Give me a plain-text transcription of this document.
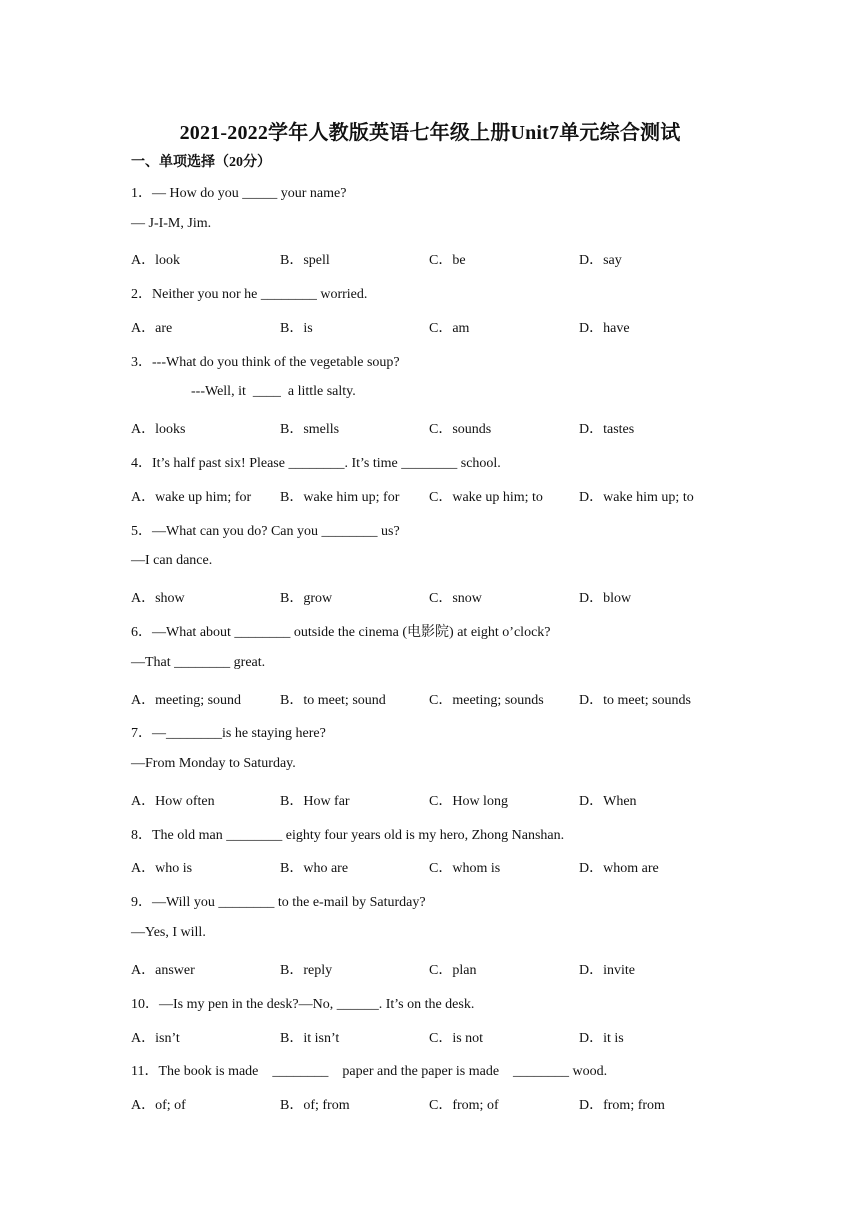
2021-2022学年人教版英语七年级上册Unit7单元综合测试
一、单项选择（20分）
1．— How do you _____ your name?
— J-I-M, Jim.

A．look

	B．spell

	C．be

	D．say

2．Neither you nor he ________ worried.

A．are

	B．is

	C．am

	D．have

3．---What do you think of the vegetable soup?
---Well, it  ____  a little salty.

A．looks

	B．smells

	C．sounds

	D．tastes

4．It’s half past six! Please ________. It’s time ________ school.

A．wake up him; for

B．wake him up; for

C．wake up him; to

	D．wake him up; to

5．—What can you do? Can you ________ us?
—I can dance.

A．show

	B．grow

	C．snow

	D．blow

6．—What about ________ outside the cinema (电影院) at eight o’clock?
—That ________ great.

A．meeting; sound

	B．to meet; sound

	C．meeting; sounds

	D．to meet; sounds

7．—________is he staying here?
—From Monday to Saturday.

A．How often

	B．How far

	C．How long

	D．When

8．The old man ________ eighty four years old is my hero, Zhong Nanshan.

A．who is

	B．who are

	C．whom is

	D．whom are

9．—Will you ________ to the e-mail by Saturday?
—Yes, I will.

A．answer

	B．reply

	C．plan

	D．invite

10．—Is my pen in the desk?—No, ______. It’s on the desk.

A．isn’t

	B．it isn’t

	C．is not

	D．it is

11．The book is made    ________    paper and the paper is made    ________ wood.

A．of; of

	B．of; from

	C．from; of

	D．from; from
